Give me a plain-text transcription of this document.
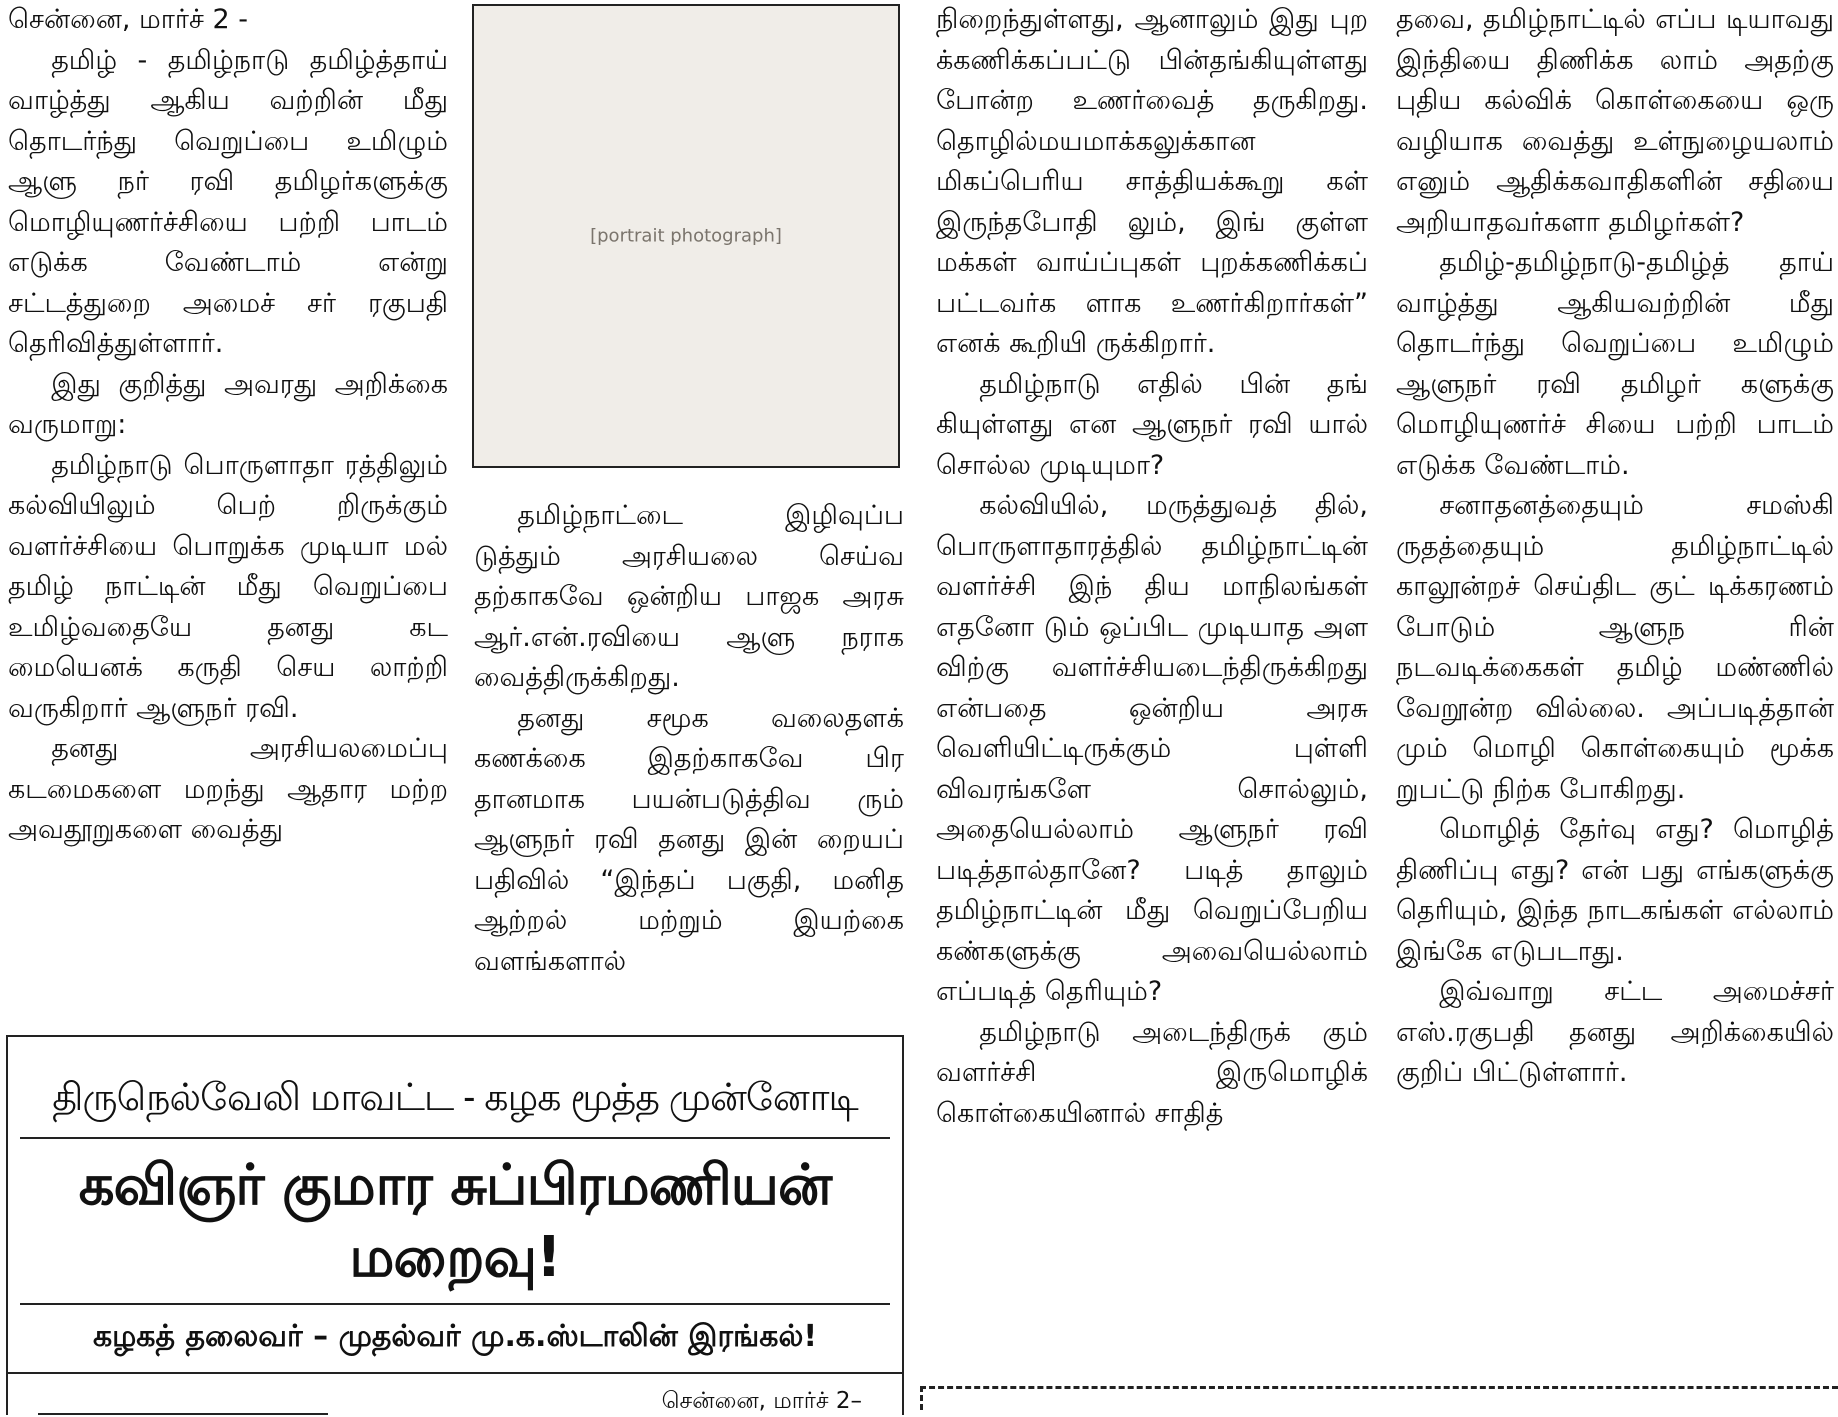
சென்னை, மார்ச் 2 -

தமிழ் - தமிழ்நாடு தமிழ்த்தாய் வாழ்த்து ஆகிய வற்றின் மீது தொடர்ந்து வெறுப்பை உமிழும் ஆளு நர் ரவி தமிழர்களுக்கு மொழியுணர்ச்சியை பற்றி பாடம் எடுக்க வேண்டாம் என்று சட்டத்துறை அமைச் சர் ரகுபதி தெரிவித்துள்ளார்.

இது குறித்து அவரது அறிக்கை வருமாறு:

தமிழ்நாடு பொருளாதா ரத்திலும் கல்வியிலும் பெற் றிருக்கும் வளர்ச்சியை பொறுக்க முடியா மல் தமிழ் நாட்டின் மீது வெறுப்பை உமிழ்வதையே தனது கட மையெனக் கருதி செய லாற்றி வருகிறார் ஆளுநர் ரவி.

தனது அரசியலமைப்பு கடமைகளை மறந்து ஆதார மற்ற அவதூறுகளை வைத்து

[portrait photograph]

தமிழ்நாட்டை இழிவுப்ப டுத்தும் அரசியலை செய்வ தற்காகவே ஒன்றிய பாஜக அரசு ஆர்.என்.ரவியை ஆளு நராக வைத்திருக்கிறது.

தனது சமூக வலைதளக் கணக்கை இதற்காகவே பிர தானமாக பயன்படுத்திவ ரும் ஆளுநர் ரவி தனது இன் றையப் பதிவில் “இந்தப் பகுதி, மனித ஆற்றல் மற்றும் இயற்கை வளங்களால்

திருநெல்வேலி மாவட்ட - கழக மூத்த முன்னோடி
கவிஞர் குமார சுப்பிரமணியன் மறைவு!
கழகத் தலைவர் – முதல்வர் மு.க.ஸ்டாலின் இரங்கல்!
சென்னை, மார்ச் 2–

நிறைந்துள்ளது, ஆனாலும் இது புற க்கணிக்கப்பட்டு பின்தங்கியுள்ளது போன்ற உணர்வைத் தருகிறது. தொழில்மயமாக்கலுக்கான மிகப்பெரிய சாத்தியக்கூறு கள் இருந்தபோதி லும், இங் குள்ள மக்கள் வாய்ப்புகள் புறக்கணிக்கப் பட்டவர்க ளாக உணர்கிறார்கள்” எனக் கூறியி ருக்கிறார்.

தமிழ்நாடு எதில் பின் தங் கியுள்ளது என ஆளுநர் ரவி யால் சொல்ல முடியுமா?

கல்வியில், மருத்துவத் தில், பொருளாதாரத்தில் தமிழ்நாட்டின் வளர்ச்சி இந் திய மாநிலங்கள் எதனோ டும் ஒப்பிட முடியாத அள விற்கு வளர்ச்சியடைந்திருக்கிறது என்பதை ஒன்றிய அரசு வெளியிட்டிருக்கும் புள்ளி விவரங்களே சொல்லும், அதையெல்லாம் ஆளுநர் ரவி படித்தால்தானே? படித் தாலும் தமிழ்நாட்டின் மீது வெறுப்பேறிய கண்களுக்கு அவையெல்லாம் எப்படித் தெரியும்?

தமிழ்நாடு அடைந்திருக் கும் வளர்ச்சி இருமொழிக் கொள்கையினால் சாதித்

தவை, தமிழ்நாட்டில் எப்ப டியாவது இந்தியை திணிக்க லாம் அதற்கு புதிய கல்விக் கொள்கையை ஒரு வழியாக வைத்து உள்நுழையலாம் எனும் ஆதிக்கவாதிகளின் சதியை அறியாதவர்களா தமிழர்கள்?

தமிழ்-தமிழ்நாடு-தமிழ்த் தாய் வாழ்த்து ஆகியவற்றின் மீது தொடர்ந்து வெறுப்பை உமிழும் ஆளுநர் ரவி தமிழர் களுக்கு மொழியுணர்ச் சியை பற்றி பாடம் எடுக்க வேண்டாம்.

சனாதனத்தையும் சமஸ்கி ருதத்தையும் தமிழ்நாட்டில் காலூன்றச் செய்திட குட் டிக்கரணம் போடும் ஆளுந ரின் நடவடிக்கைகள் தமிழ் மண்ணில் வேறூன்ற வில்லை. அப்படித்தான் மும் மொழி கொள்கையும் மூக்க றுபட்டு நிற்க போகிறது.

மொழித் தேர்வு எது? மொழித் திணிப்பு எது? என் பது எங்களுக்கு தெரியும், இந்த நாடகங்கள் எல்லாம் இங்கே எடுபடாது.

இவ்வாறு சட்ட அமைச்சர் எஸ்.ரகுபதி தனது அறிக்கையில் குறிப் பிட்டுள்ளார்.
